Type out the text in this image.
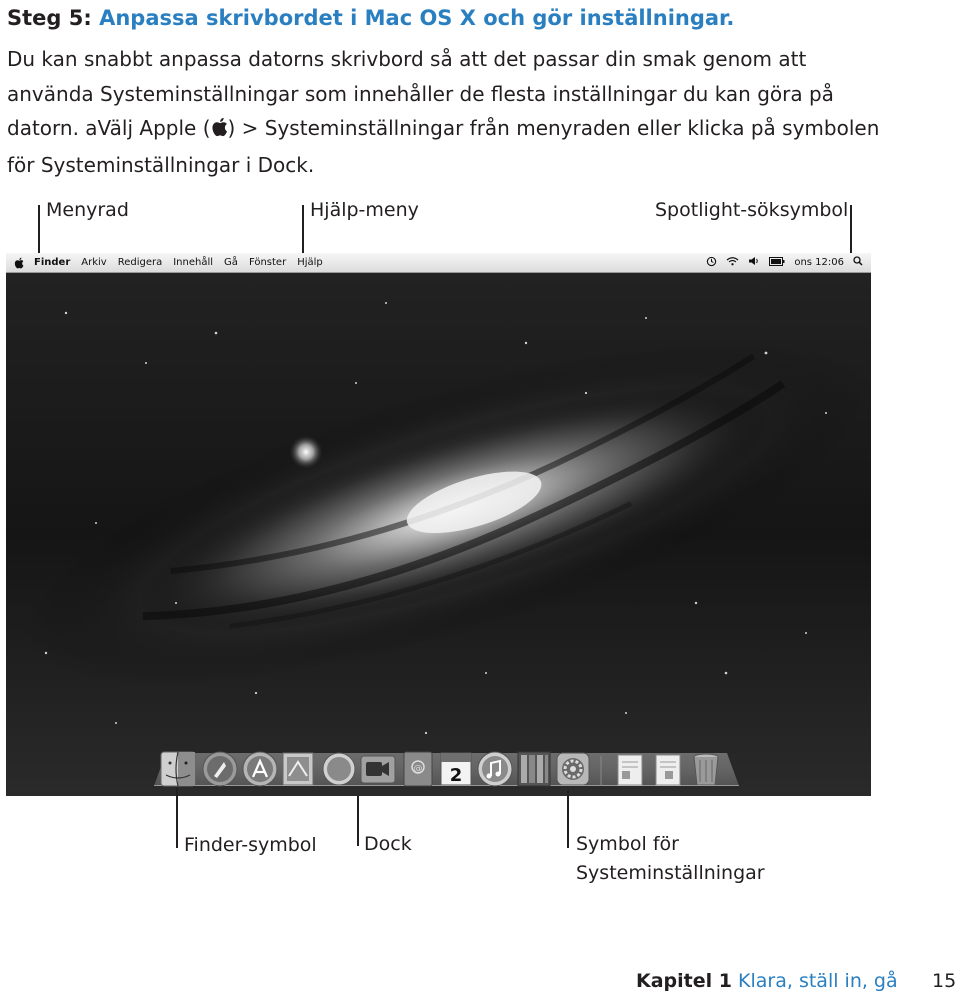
Steg 5: Anpassa skrivbordet i Mac OS X och gör inställningar.
Du kan snabbt anpassa datorns skrivbord så att det passar din smak genom att
använda Systeminställningar som innehåller de flesta inställningar du kan göra på
datorn. aVälj Apple ( ) > Systeminställningar från menyraden eller klicka på symbolen
för Systeminställningar i Dock.
Menyrad	Hjälp-meny	Spotlight-söksymbol
Finder Arkiv Redigera Innehåll Gå Fönster Hjälp	ons 12:06
@ 2
Finder-symbol Dock	Symbol för
Systeminställningar
Kapitel 1 Klara, ställ in, gå 15
